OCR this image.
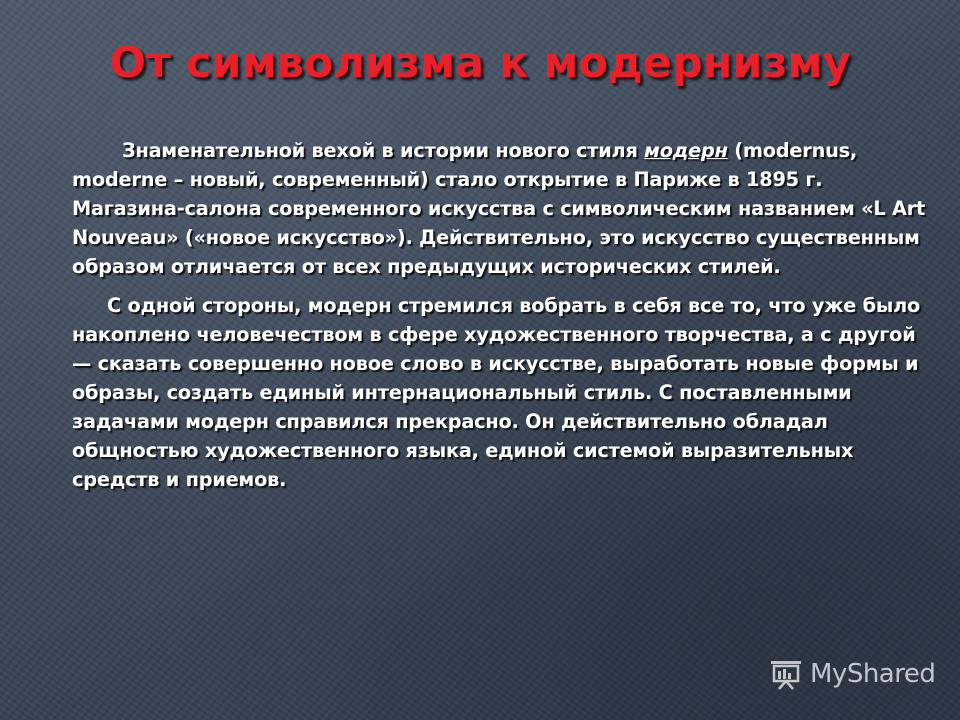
От символизма к модернизму

Знаменательной вехой в истории нового стиля модерн (modernus, moderne – новый, современный) стало открытие в Париже в 1895 г. Магазина-салона современного искусства с символическим названием «L Art Nouveau» («новое искусство»). Действительно, это искусство существенным образом отличается от всех предыдущих исторических стилей.

С одной стороны, модерн стремился вобрать в себя все то, что уже было накоплено человечеством в сфере художественного творчества, а с другой — сказать совершенно новое слово в искусстве, выработать новые формы и образы, создать единый интернациональный стиль. С поставленными задачами модерн справился прекрасно. Он действительно обладал общностью художественного языка, единой системой выразительных средств и приемов.

MyShared
